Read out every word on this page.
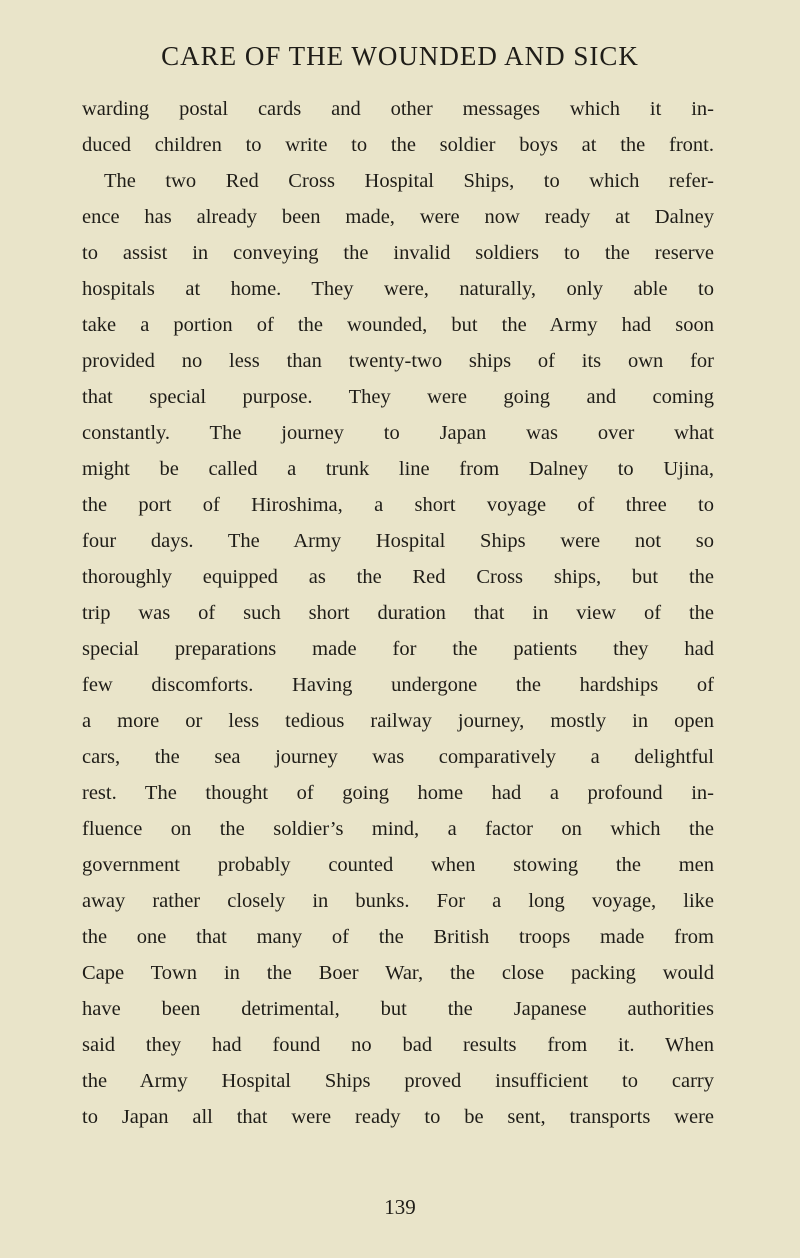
CARE OF THE WOUNDED AND SICK
warding postal cards and other messages which it in-
duced children to write to the soldier boys at the front.
The two Red Cross Hospital Ships, to which refer-
ence has already been made, were now ready at Dalney
to assist in conveying the invalid soldiers to the reserve
hospitals at home. They were, naturally, only able to
take a portion of the wounded, but the Army had soon
provided no less than twenty-two ships of its own for
that special purpose. They were going and coming
constantly. The journey to Japan was over what
might be called a trunk line from Dalney to Ujina,
the port of Hiroshima, a short voyage of three to
four days. The Army Hospital Ships were not so
thoroughly equipped as the Red Cross ships, but the
trip was of such short duration that in view of the
special preparations made for the patients they had
few discomforts. Having undergone the hardships of
a more or less tedious railway journey, mostly in open
cars, the sea journey was comparatively a delightful
rest. The thought of going home had a profound in-
fluence on the soldier’s mind, a factor on which the
government probably counted when stowing the men
away rather closely in bunks. For a long voyage, like
the one that many of the British troops made from
Cape Town in the Boer War, the close packing would
have been detrimental, but the Japanese authorities
said they had found no bad results from it. When
the Army Hospital Ships proved insufficient to carry
to Japan all that were ready to be sent, transports were
139
